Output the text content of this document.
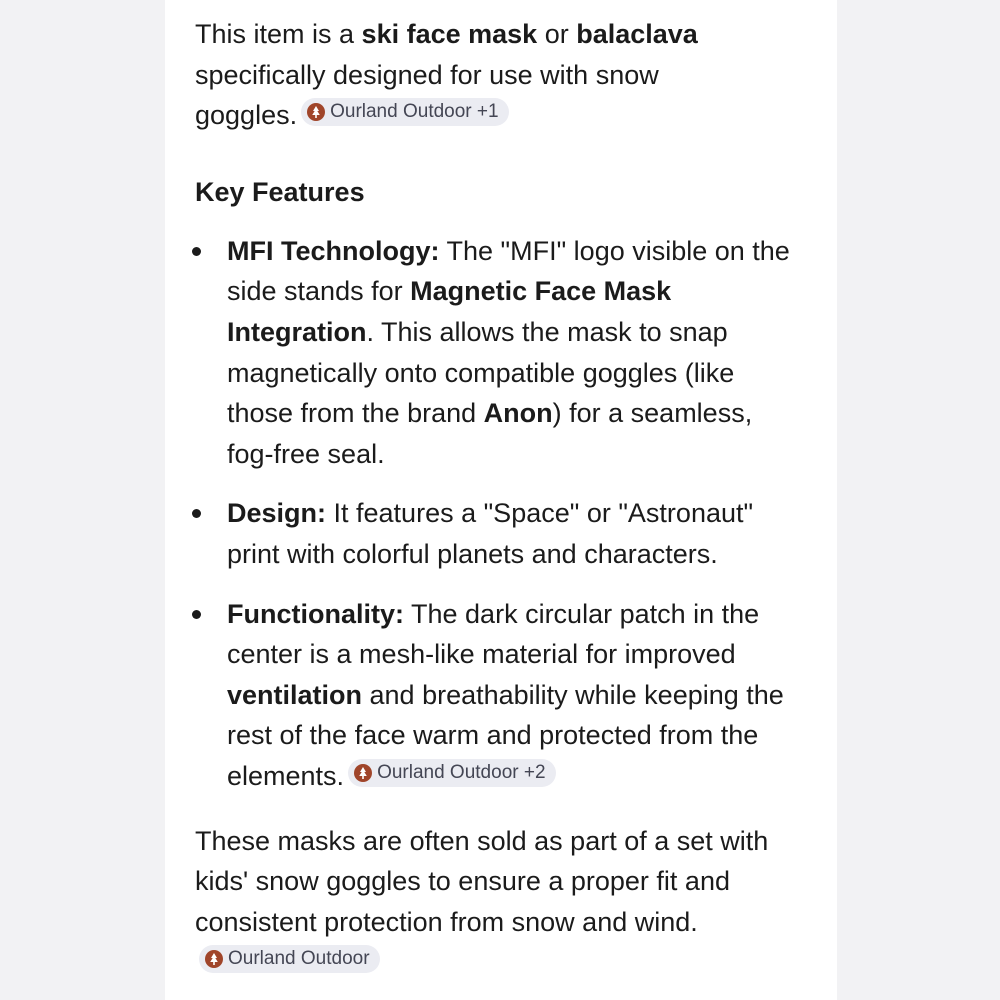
This item is a ski face mask or balaclava specifically designed for use with snow goggles. Ourland Outdoor +1

Key Features
MFI Technology: The "MFI" logo visible on the side stands for Magnetic Face Mask Integration. This allows the mask to snap magnetically onto compatible goggles (like those from the brand Anon) for a seamless, fog-free seal.
Design: It features a "Space" or "Astronaut" print with colorful planets and characters.
Functionality: The dark circular patch in the center is a mesh-like material for improved ventilation and breathability while keeping the rest of the face warm and protected from the elements. Ourland Outdoor +2

These masks are often sold as part of a set with kids' snow goggles to ensure a proper fit and consistent protection from snow and wind.
Ourland Outdoor
